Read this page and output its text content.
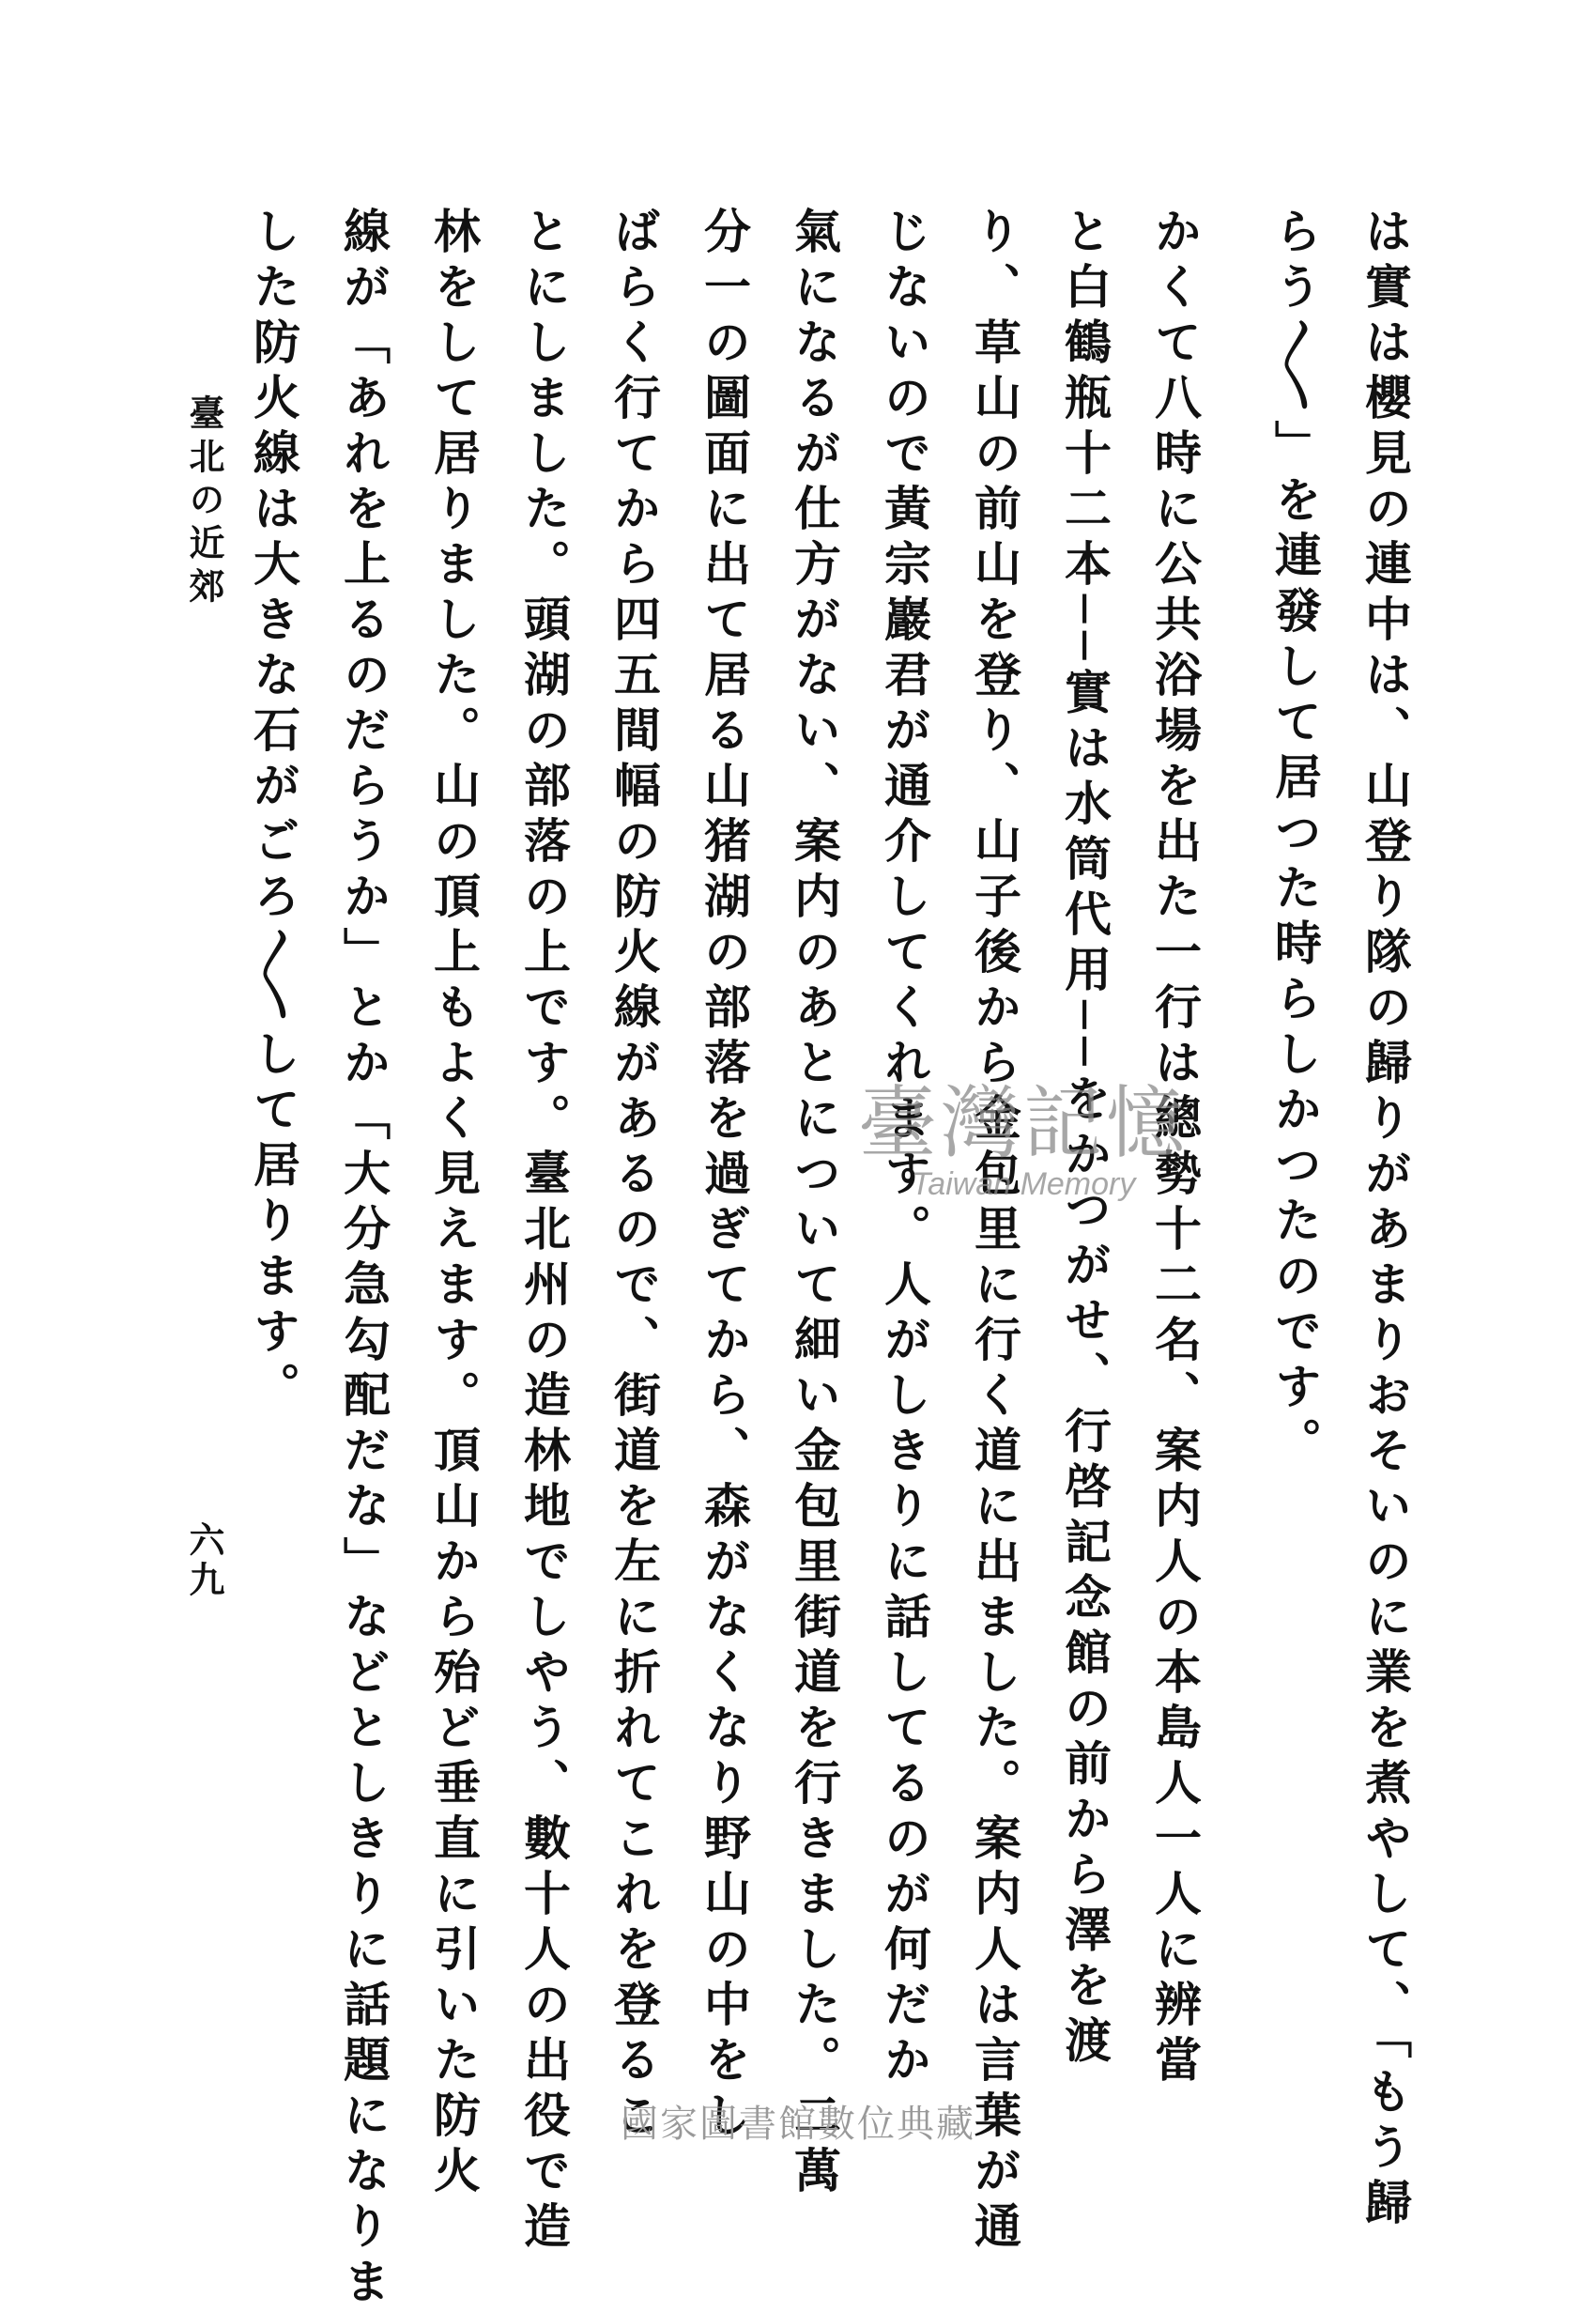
は實は櫻見の連中は、山登り隊の歸りがあまりおそいのに業を煮やして、「もう歸
らう〳〵」を連發して居つた時らしかつたのです。
かくて八時に公共浴場を出た一行は總勢十二名、案内人の本島人一人に辨當
と白鶴瓶十二本──實は水筒代用──をかつがせ、行啓記念館の前から澤を渡
り、草山の前山を登り、山子後から金包里に行く道に出ました。案内人は言葉が通
じないので黃宗巖君が通介してくれます。人がしきりに話してるのが何だか
氣になるが仕方がない、案内のあとについて細い金包里街道を行きました。二萬
分一の圖面に出て居る山猪湖の部落を過ぎてから、森がなくなり野山の中をし
ばらく行てから四五間幅の防火線があるので、街道を左に折れてこれを登るこ
とにしました。頭湖の部落の上です。臺北州の造林地でしやう、數十人の出役で造
林をして居りました。山の頂上もよく見えます。頂山から殆ど垂直に引いた防火
線が「あれを上るのだらうか」とか「大分急勾配だな」などとしきりに話題になりま
した防火線は大きな石がごろ〳〵して居ります。
臺北の近郊
六九
臺灣記憶
Taiwan Memory
國家圖書館數位典藏
